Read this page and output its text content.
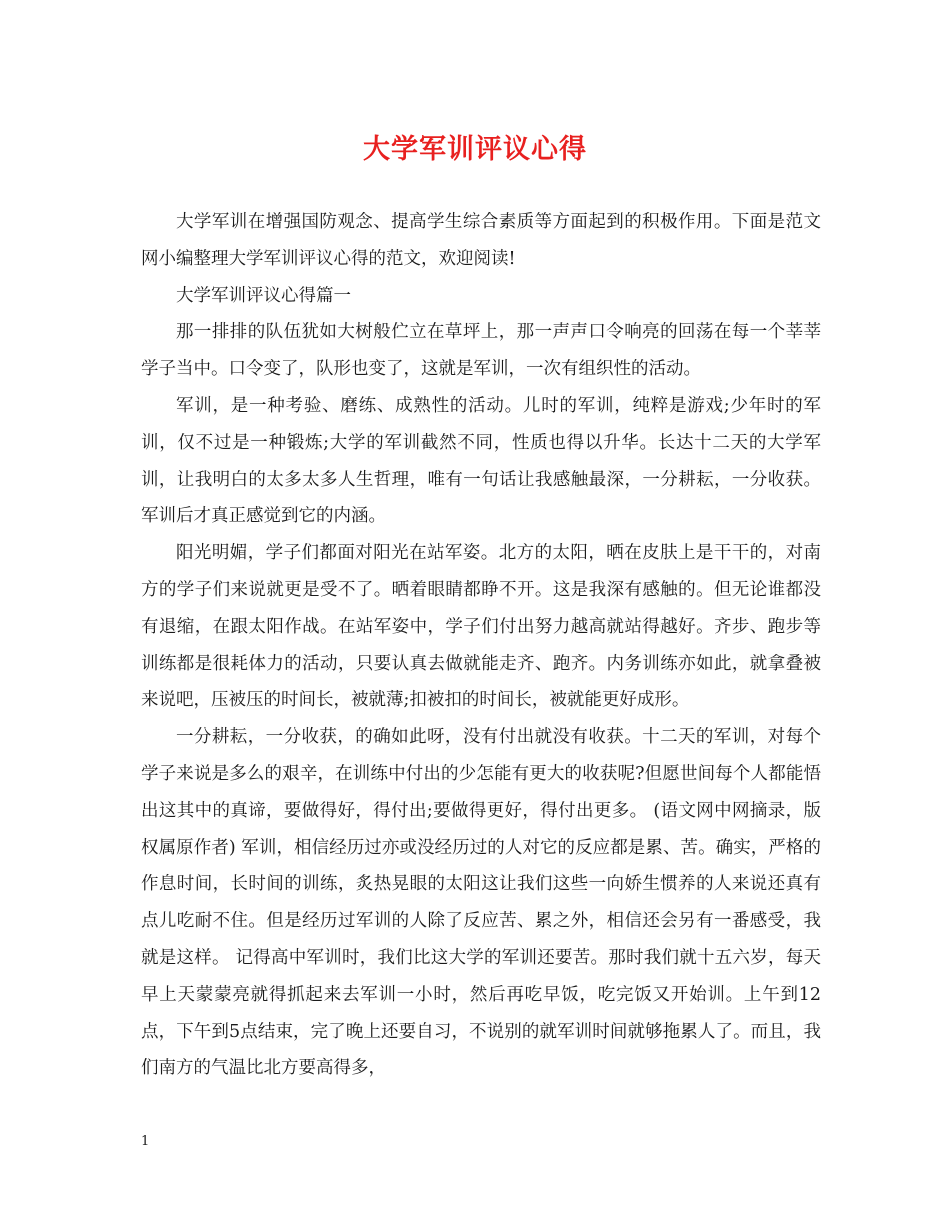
大学军训评议心得

大学军训在增强国防观念、提高学生综合素质等方面起到的积极作用。下面是范文网小编整理大学军训评议心得的范文，欢迎阅读!

大学军训评议心得篇一

那一排排的队伍犹如大树般伫立在草坪上，那一声声口令响亮的回荡在每一个莘莘学子当中。口令变了，队形也变了，这就是军训，一次有组织性的活动。

军训，是一种考验、磨练、成熟性的活动。儿时的军训，纯粹是游戏;少年时的军训，仅不过是一种锻炼;大学的军训截然不同，性质也得以升华。长达十二天的大学军训，让我明白的太多太多人生哲理，唯有一句话让我感触最深，一分耕耘，一分收获。军训后才真正感觉到它的内涵。

阳光明媚，学子们都面对阳光在站军姿。北方的太阳，晒在皮肤上是干干的，对南方的学子们来说就更是受不了。晒着眼睛都睁不开。这是我深有感触的。但无论谁都没有退缩，在跟太阳作战。在站军姿中，学子们付出努力越高就站得越好。齐步、跑步等训练都是很耗体力的活动，只要认真去做就能走齐、跑齐。内务训练亦如此，就拿叠被来说吧，压被压的时间长，被就薄;扣被扣的时间长，被就能更好成形。

一分耕耘，一分收获，的确如此呀，没有付出就没有收获。十二天的军训，对每个学子来说是多么的艰辛，在训练中付出的少怎能有更大的收获呢?但愿世间每个人都能悟出这其中的真谛，要做得好，得付出;要做得更好，得付出更多。 (语文网中网摘录，版权属原作者) 军训，相信经历过亦或没经历过的人对它的反应都是累、苦。确实，严格的作息时间，长时间的训练，炙热晃眼的太阳这让我们这些一向娇生惯养的人来说还真有点儿吃耐不住。但是经历过军训的人除了反应苦、累之外，相信还会另有一番感受，我就是这样。 记得高中军训时，我们比这大学的军训还要苦。那时我们就十五六岁，每天早上天蒙蒙亮就得抓起来去军训一小时，然后再吃早饭，吃完饭又开始训。上午到12点，下午到5点结束，完了晚上还要自习，不说别的就军训时间就够拖累人了。而且，我们南方的气温比北方要高得多，

1
